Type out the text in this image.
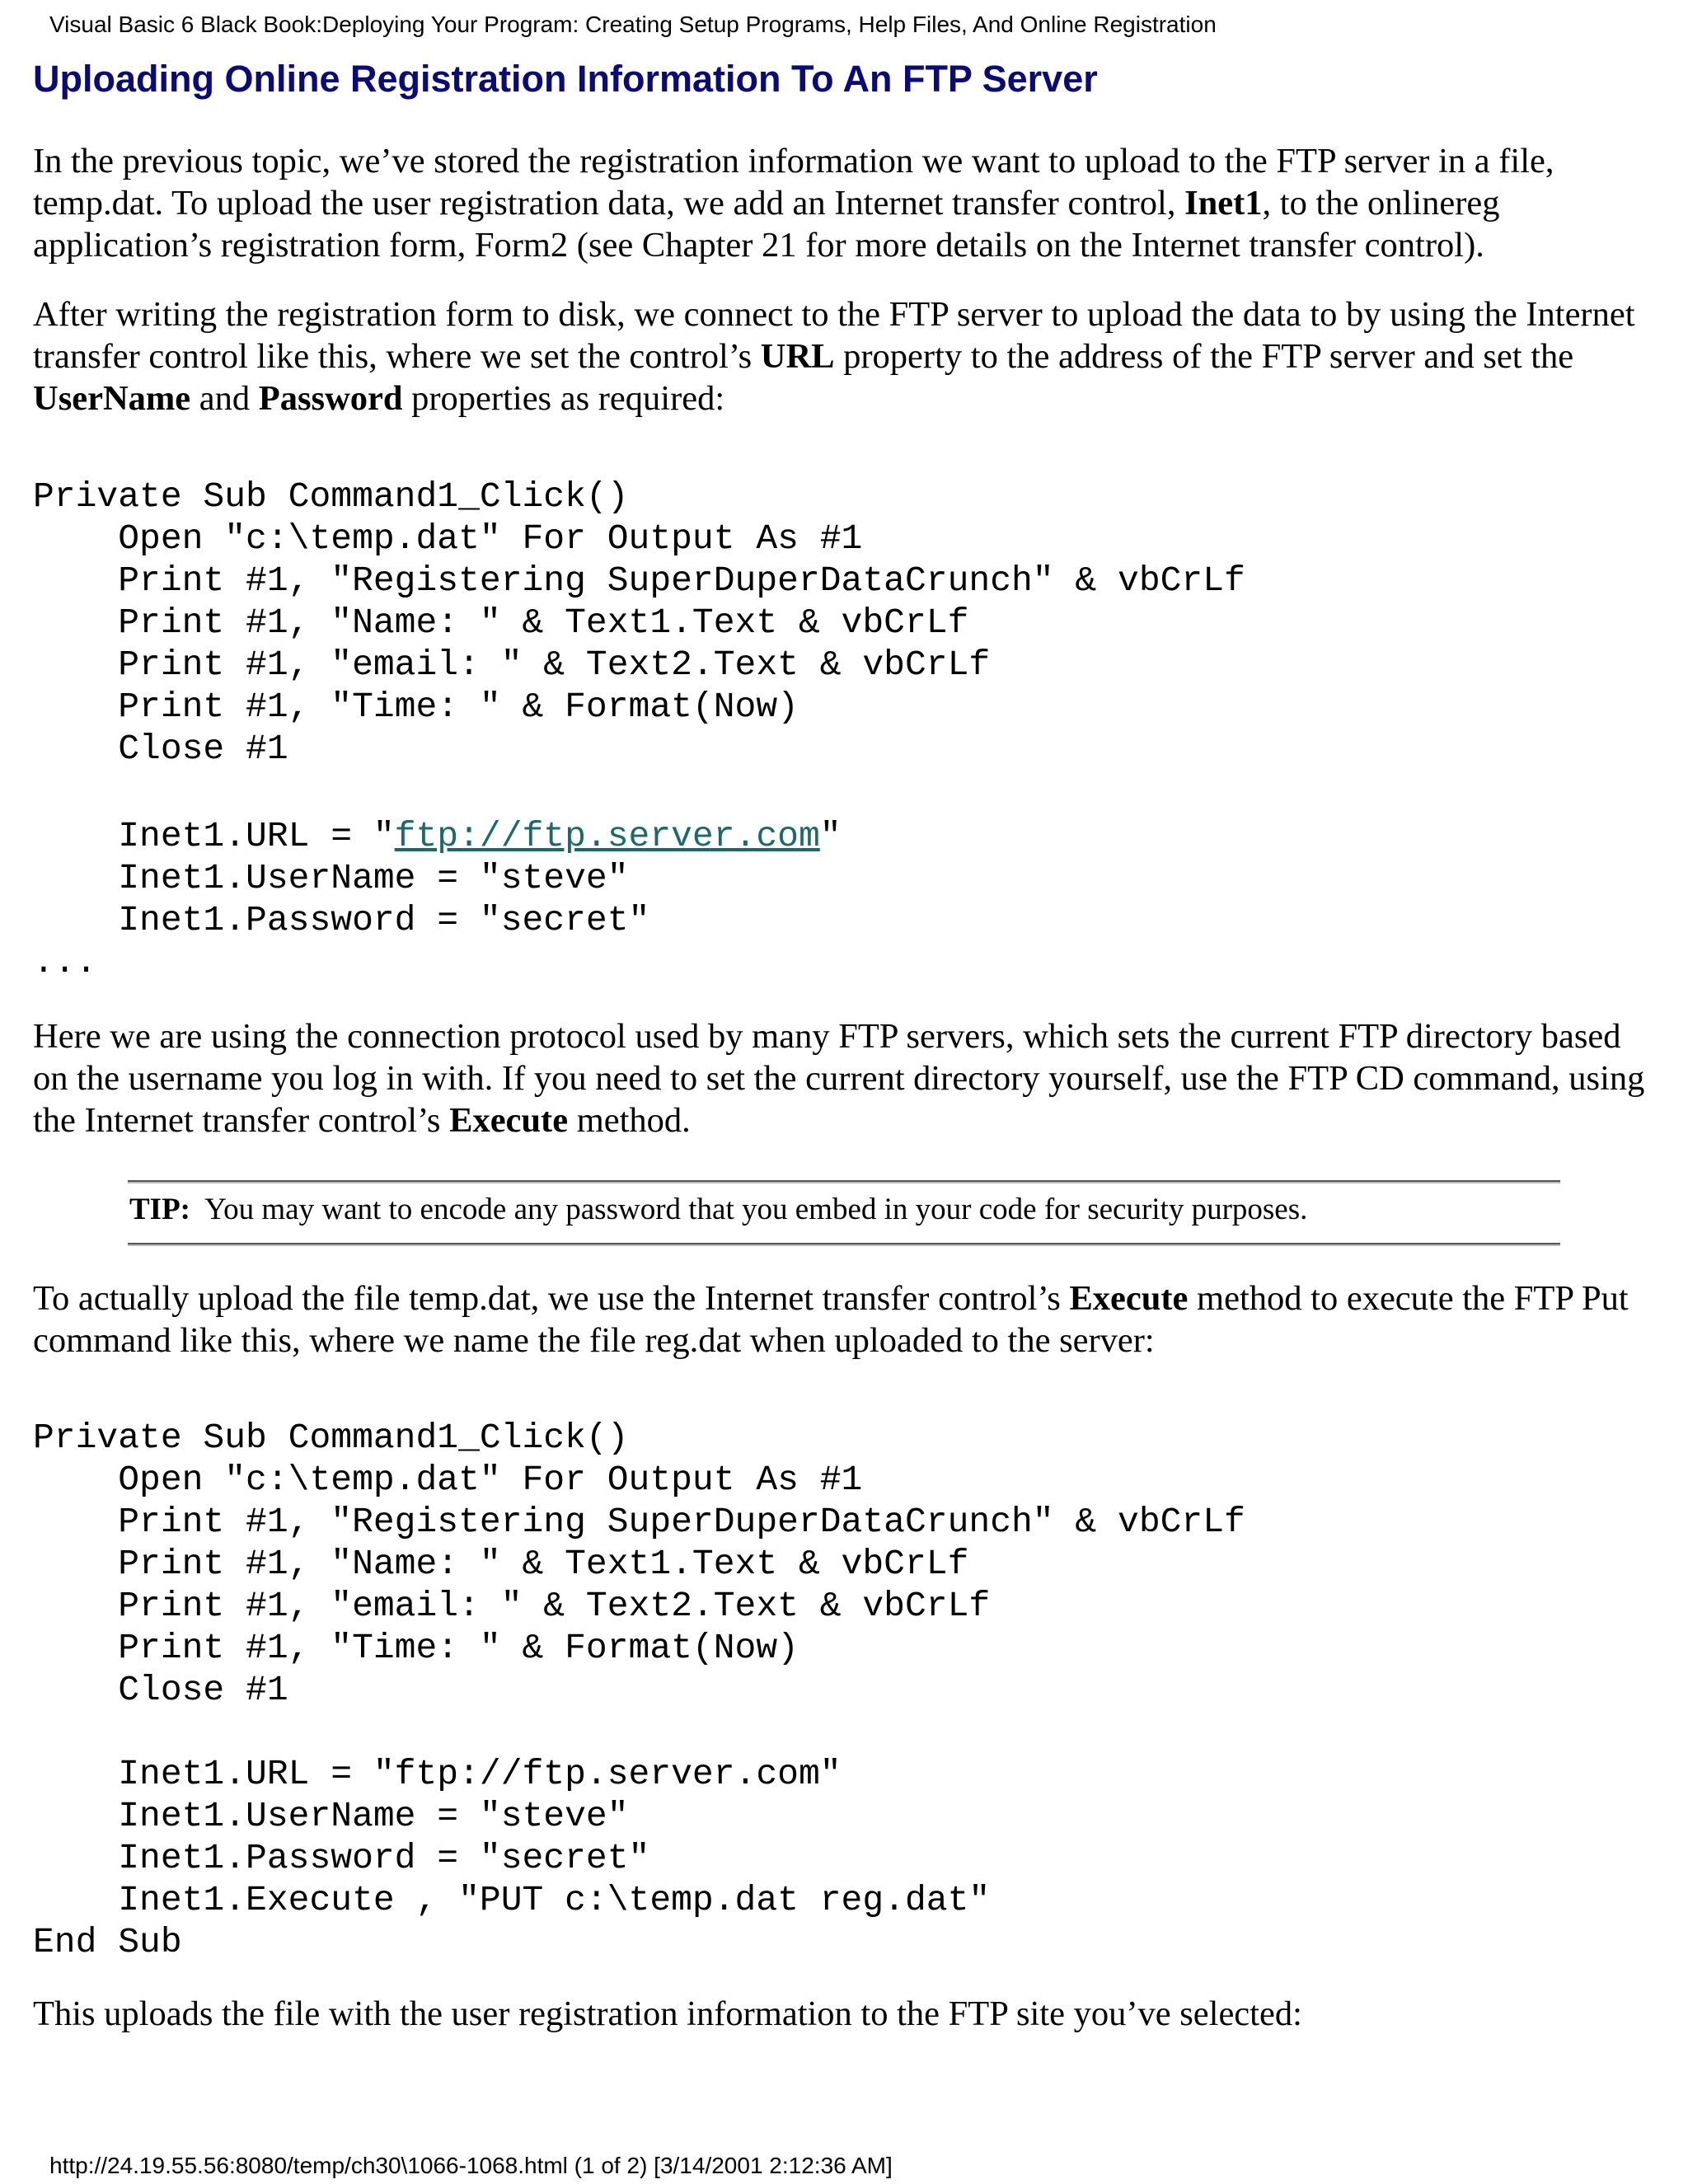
Visual Basic 6 Black Book:Deploying Your Program: Creating Setup Programs, Help Files, And Online Registration
Uploading Online Registration Information To An FTP Server

In the previous topic, we’ve stored the registration information we want to upload to the FTP server in a file, temp.dat. To upload the user registration data, we add an Internet transfer control, Inet1, to the onlinereg application’s registration form, Form2 (see Chapter 21 for more details on the Internet transfer control).

After writing the registration form to disk, we connect to the FTP server to upload the data to by using the Internet transfer control like this, where we set the control’s URL property to the address of the FTP server and set the UserName and Password properties as required:

Private Sub Command1_Click()
Open "c:\temp.dat" For Output As #1
Print #1, "Registering SuperDuperDataCrunch" & vbCrLf
Print #1, "Name: " & Text1.Text & vbCrLf
Print #1, "email: " & Text2.Text & vbCrLf
Print #1, "Time: " & Format(Now)
Close #1

Inet1.URL = "ftp://ftp.server.com"
Inet1.UserName = "steve"
Inet1.Password = "secret"
...

Here we are using the connection protocol used by many FTP servers, which sets the current FTP directory based on the username you log in with. If you need to set the current directory yourself, use the FTP CD command, using the Internet transfer control’s Execute method.

TIP: You may want to encode any password that you embed in your code for security purposes.

To actually upload the file temp.dat, we use the Internet transfer control’s Execute method to execute the FTP Put command like this, where we name the file reg.dat when uploaded to the server:

Private Sub Command1_Click()
Open "c:\temp.dat" For Output As #1
Print #1, "Registering SuperDuperDataCrunch" & vbCrLf
Print #1, "Name: " & Text1.Text & vbCrLf
Print #1, "email: " & Text2.Text & vbCrLf
Print #1, "Time: " & Format(Now)
Close #1

Inet1.URL = "ftp://ftp.server.com"
Inet1.UserName = "steve"
Inet1.Password = "secret"
Inet1.Execute , "PUT c:\temp.dat reg.dat"
End Sub

This uploads the file with the user registration information to the FTP site you’ve selected:

http://24.19.55.56:8080/temp/ch30\1066-1068.html (1 of 2) [3/14/2001 2:12:36 AM]
